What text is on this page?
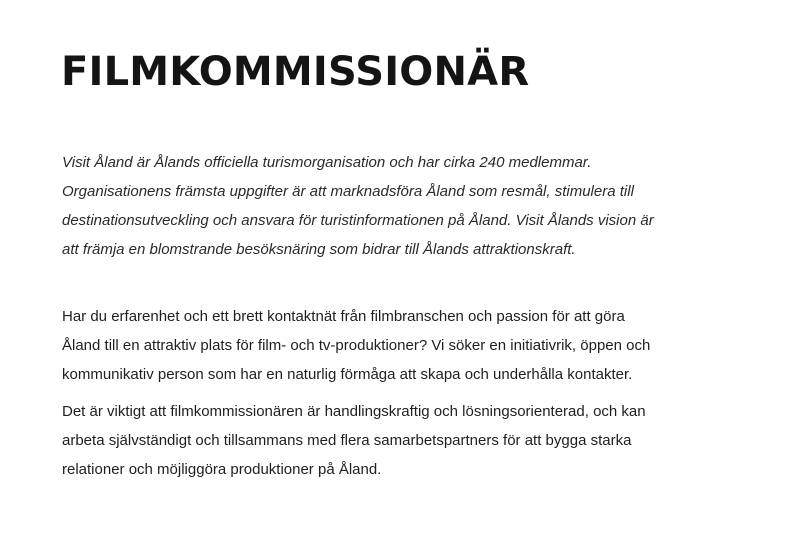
FILMKOMMISSIONÄR

Visit Åland är Ålands officiella turismorganisation och har cirka 240 medlemmar.
Organisationens främsta uppgifter är att marknadsföra Åland som resmål, stimulera till
destinationsutveckling och ansvara för turistinformationen på Åland. Visit Ålands vision är
att främja en blomstrande besöksnäring som bidrar till Ålands attraktionskraft.

Har du erfarenhet och ett brett kontaktnät från filmbranschen och passion för att göra
Åland till en attraktiv plats för film- och tv-produktioner? Vi söker en initiativrik, öppen och
kommunikativ person som har en naturlig förmåga att skapa och underhålla kontakter.

Det är viktigt att filmkommissionären är handlingskraftig och lösningsorienterad, och kan
arbeta självständigt och tillsammans med flera samarbetspartners för att bygga starka
relationer och möjliggöra produktioner på Åland.
